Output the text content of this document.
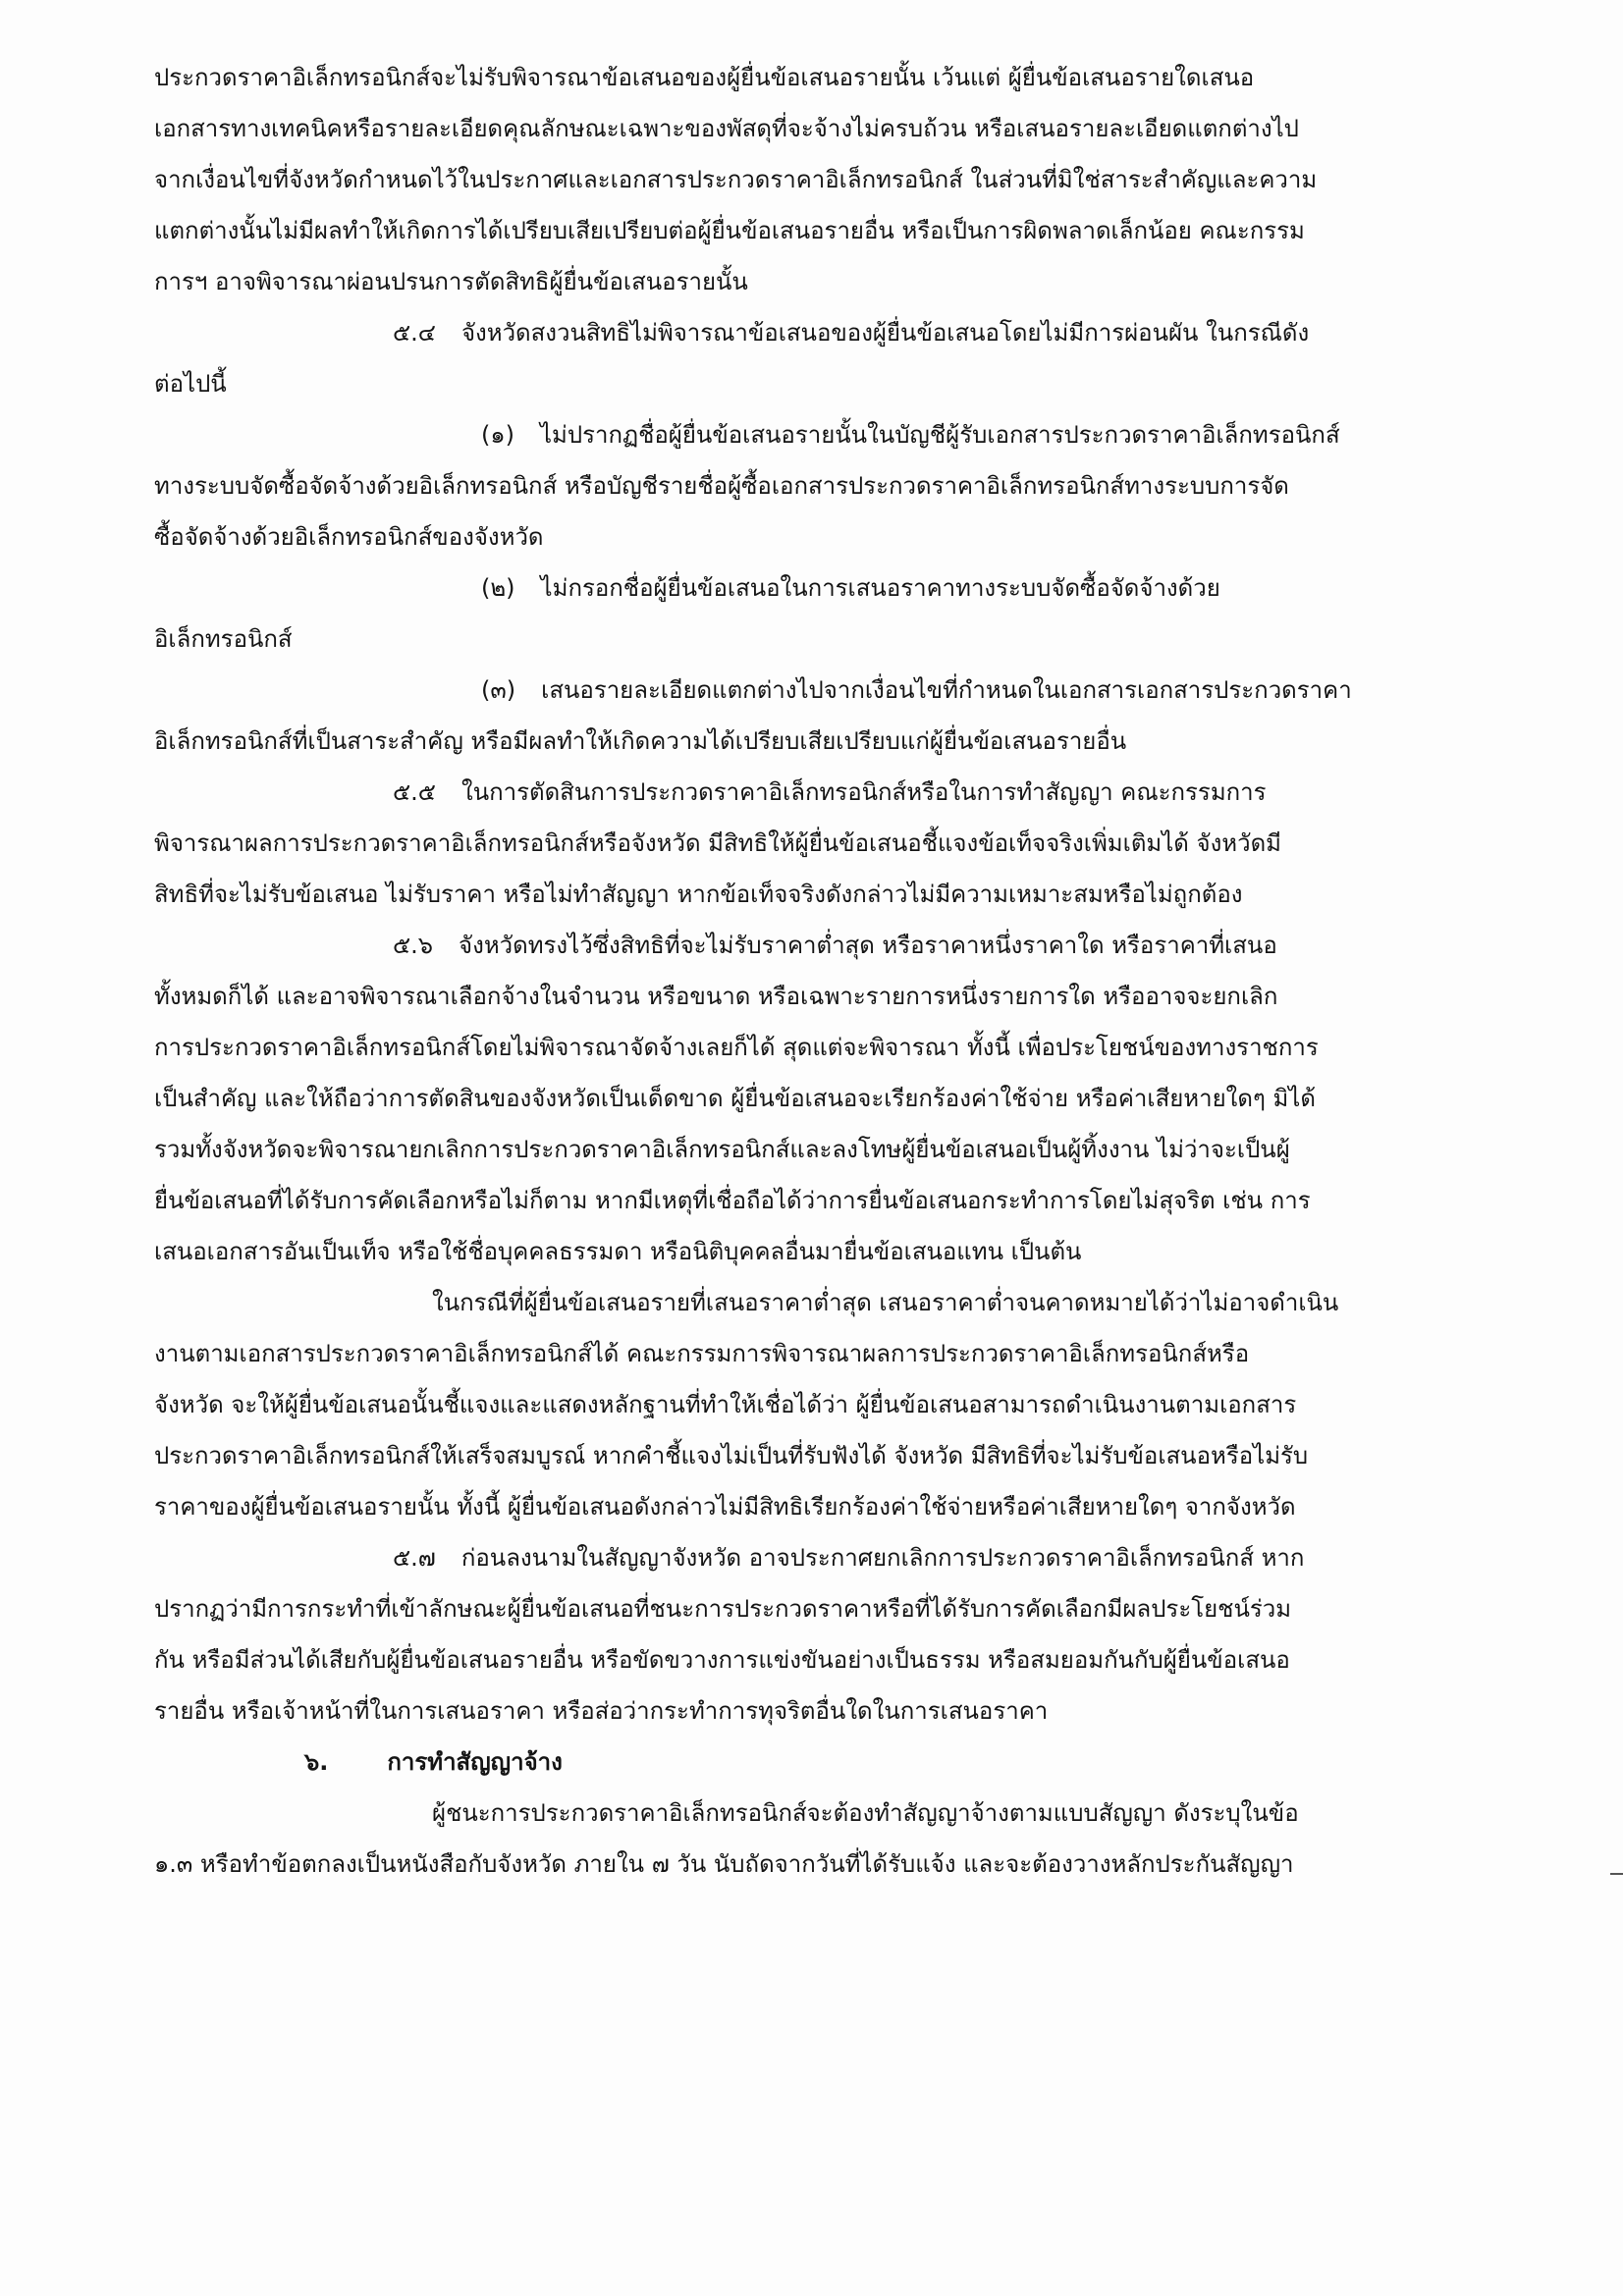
ประกวดราคาอิเล็กทรอนิกส์จะไม่รับพิจารณาข้อเสนอของผู้ยื่นข้อเสนอรายนั้น เว้นแต่ ผู้ยื่นข้อเสนอรายใดเสนอ
เอกสารทางเทคนิคหรือรายละเอียดคุณลักษณะเฉพาะของพัสดุที่จะจ้างไม่ครบถ้วน หรือเสนอรายละเอียดแตกต่างไป
จากเงื่อนไขที่จังหวัดกำหนดไว้ในประกาศและเอกสารประกวดราคาอิเล็กทรอนิกส์ ในส่วนที่มิใช่สาระสำคัญและความ
แตกต่างนั้นไม่มีผลทำให้เกิดการได้เปรียบเสียเปรียบต่อผู้ยื่นข้อเสนอรายอื่น หรือเป็นการผิดพลาดเล็กน้อย คณะกรรม
การฯ อาจพิจารณาผ่อนปรนการตัดสิทธิผู้ยื่นข้อเสนอรายนั้น
๕.๔ จังหวัดสงวนสิทธิไม่พิจารณาข้อเสนอของผู้ยื่นข้อเสนอโดยไม่มีการผ่อนผัน ในกรณีดัง
ต่อไปนี้
(๑) ไม่ปรากฏชื่อผู้ยื่นข้อเสนอรายนั้นในบัญชีผู้รับเอกสารประกวดราคาอิเล็กทรอนิกส์
ทางระบบจัดซื้อจัดจ้างด้วยอิเล็กทรอนิกส์ หรือบัญชีรายชื่อผู้ซื้อเอกสารประกวดราคาอิเล็กทรอนิกส์ทางระบบการจัด
ซื้อจัดจ้างด้วยอิเล็กทรอนิกส์ของจังหวัด
(๒) ไม่กรอกชื่อผู้ยื่นข้อเสนอในการเสนอราคาทางระบบจัดซื้อจัดจ้างด้วย
อิเล็กทรอนิกส์
(๓) เสนอรายละเอียดแตกต่างไปจากเงื่อนไขที่กำหนดในเอกสารเอกสารประกวดราคา
อิเล็กทรอนิกส์ที่เป็นสาระสำคัญ หรือมีผลทำให้เกิดความได้เปรียบเสียเปรียบแก่ผู้ยื่นข้อเสนอรายอื่น
๕.๕ ในการตัดสินการประกวดราคาอิเล็กทรอนิกส์หรือในการทำสัญญา คณะกรรมการ
พิจารณาผลการประกวดราคาอิเล็กทรอนิกส์หรือจังหวัด มีสิทธิให้ผู้ยื่นข้อเสนอชี้แจงข้อเท็จจริงเพิ่มเติมได้ จังหวัดมี
สิทธิที่จะไม่รับข้อเสนอ ไม่รับราคา หรือไม่ทำสัญญา หากข้อเท็จจริงดังกล่าวไม่มีความเหมาะสมหรือไม่ถูกต้อง
๕.๖ จังหวัดทรงไว้ซึ่งสิทธิที่จะไม่รับราคาต่ำสุด หรือราคาหนึ่งราคาใด หรือราคาที่เสนอ
ทั้งหมดก็ได้ และอาจพิจารณาเลือกจ้างในจำนวน หรือขนาด หรือเฉพาะรายการหนึ่งรายการใด หรืออาจจะยกเลิก
การประกวดราคาอิเล็กทรอนิกส์โดยไม่พิจารณาจัดจ้างเลยก็ได้ สุดแต่จะพิจารณา ทั้งนี้ เพื่อประโยชน์ของทางราชการ
เป็นสำคัญ และให้ถือว่าการตัดสินของจังหวัดเป็นเด็ดขาด ผู้ยื่นข้อเสนอจะเรียกร้องค่าใช้จ่าย หรือค่าเสียหายใดๆ มิได้
รวมทั้งจังหวัดจะพิจารณายกเลิกการประกวดราคาอิเล็กทรอนิกส์และลงโทษผู้ยื่นข้อเสนอเป็นผู้ทิ้งงาน ไม่ว่าจะเป็นผู้
ยื่นข้อเสนอที่ได้รับการคัดเลือกหรือไม่ก็ตาม หากมีเหตุที่เชื่อถือได้ว่าการยื่นข้อเสนอกระทำการโดยไม่สุจริต เช่น การ
เสนอเอกสารอันเป็นเท็จ หรือใช้ชื่อบุคคลธรรมดา หรือนิติบุคคลอื่นมายื่นข้อเสนอแทน เป็นต้น
ในกรณีที่ผู้ยื่นข้อเสนอรายที่เสนอราคาต่ำสุด เสนอราคาต่ำจนคาดหมายได้ว่าไม่อาจดำเนิน
งานตามเอกสารประกวดราคาอิเล็กทรอนิกส์ได้ คณะกรรมการพิจารณาผลการประกวดราคาอิเล็กทรอนิกส์หรือ
จังหวัด จะให้ผู้ยื่นข้อเสนอนั้นชี้แจงและแสดงหลักฐานที่ทำให้เชื่อได้ว่า ผู้ยื่นข้อเสนอสามารถดำเนินงานตามเอกสาร
ประกวดราคาอิเล็กทรอนิกส์ให้เสร็จสมบูรณ์ หากคำชี้แจงไม่เป็นที่รับฟังได้ จังหวัด มีสิทธิที่จะไม่รับข้อเสนอหรือไม่รับ
ราคาของผู้ยื่นข้อเสนอรายนั้น ทั้งนี้ ผู้ยื่นข้อเสนอดังกล่าวไม่มีสิทธิเรียกร้องค่าใช้จ่ายหรือค่าเสียหายใดๆ จากจังหวัด
๕.๗ ก่อนลงนามในสัญญาจังหวัด อาจประกาศยกเลิกการประกวดราคาอิเล็กทรอนิกส์ หาก
ปรากฏว่ามีการกระทำที่เข้าลักษณะผู้ยื่นข้อเสนอที่ชนะการประกวดราคาหรือที่ได้รับการคัดเลือกมีผลประโยชน์ร่วม
กัน หรือมีส่วนได้เสียกับผู้ยื่นข้อเสนอรายอื่น หรือขัดขวางการแข่งขันอย่างเป็นธรรม หรือสมยอมกันกับผู้ยื่นข้อเสนอ
รายอื่น หรือเจ้าหน้าที่ในการเสนอราคา หรือส่อว่ากระทำการทุจริตอื่นใดในการเสนอราคา
๖.	การทำสัญญาจ้าง
ผู้ชนะการประกวดราคาอิเล็กทรอนิกส์จะต้องทำสัญญาจ้างตามแบบสัญญา ดังระบุในข้อ
๑.๓ หรือทำข้อตกลงเป็นหนังสือกับจังหวัด ภายใน ๗ วัน นับถัดจากวันที่ได้รับแจ้ง และจะต้องวางหลักประกันสัญญา
